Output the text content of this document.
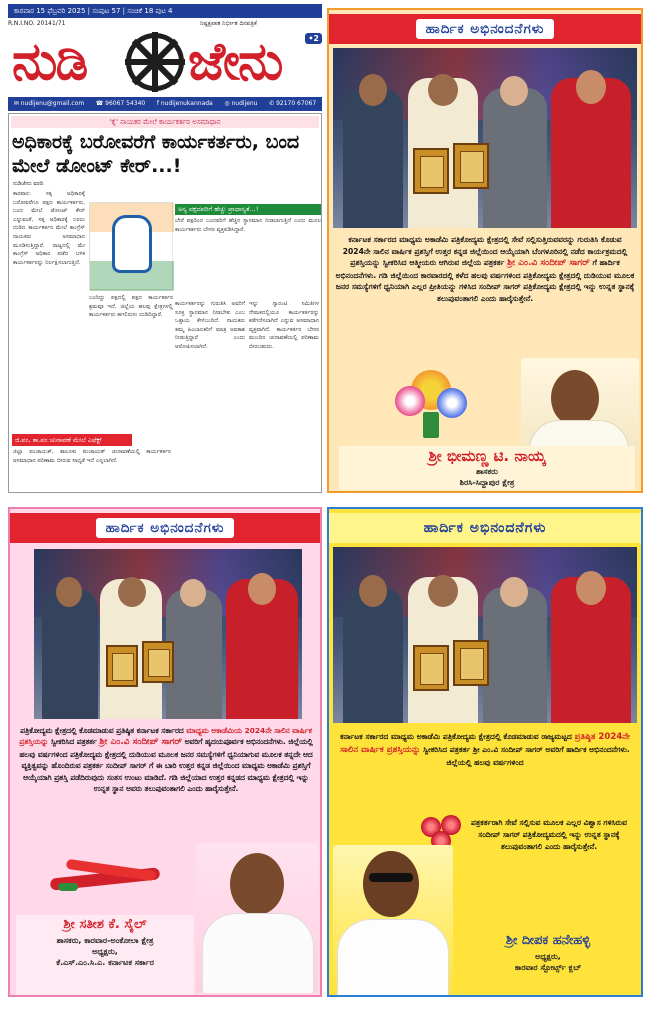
ಕಾರವಾರ 15 ಫೆಬ್ರವರಿ 2025 | ಸಂಪುಟ 57 | ಸಂಚಿಕೆ 18 ಪುಟ 4
R.N.I.NO. 20141/71	ನಿಷ್ಪಕ್ಷಪಾತ ನಿರ್ಭೀತ ದಿನಪತ್ರಿಕೆ
ನುಡಿ ಜೇನು	•2
✉ nudijenu@gmail.com ☎ 96067 54340 f nudijenukannada ◎ nudijenu ✆ 92170 67067
'ಕೈ' ನಾಯಕರ ಮೇಲೆ ಕಾರ್ಯಕರ್ತರ ಅಸಮಾಧಾನ
ಅಧಿಕಾರಕ್ಕೆ ಬರೋವರೆಗೆ ಕಾರ್ಯಕರ್ತರು, ಬಂದ ಮೇಲೆ ಡೋಂಟ್ ಕೇರ್...!
ನುಡಿಜೇನು ವರದಿ
ಕಾರವಾರ: ಸಕ್ಕ ಅಧಿಕಾರಕ್ಕೆ ಬರೋವರೆಗೂ ಪಕ್ಷದ ಕಾರ್ಯಕರ್ತರು, ಬಂದ ಮೇಲೆ ಡೋಂಟ್ ಕೇರ್ ಎನ್ನುವಂತೆ, ಸಕ್ಕ ಅಧಿಕಾರಕ್ಕೆ ಬರಲು ದುಡಿದ ಕಾರ್ಯಕರ್ತರ ಮೇಲೆ ಕಾಂಗ್ರೆಸ್ ನಾಯಕರು ಅಸಮಾಧಾನ ಮೂಡಿಸುತ್ತಿದ್ದಾರೆ. ರಾಜ್ಯದಲ್ಲಿ ಮೇ ಕಾಂಗ್ರೆಸ್ ಅಧಿಕಾರ ಪಡೆದ ಬಳಿಕ ಕಾರ್ಯಕರ್ತರನ್ನು ನಿರ್ಲಕ್ಷಿಸಲಾಗುತ್ತಿದೆ.
ಬಂದಿದ್ದು ಪಕ್ಷದಲ್ಲಿ ಪಕ್ಷದ ಕಾರ್ಯಕರ್ತರ ಶ್ರಮವೂ ಇದೆ. ಜಿಲ್ಲೆಯ ಹಲವು ಕ್ಷೇತ್ರಗಳಲ್ಲಿ ಕಾರ್ಯಕರ್ತರು ಹಗಲಿರುಳು ದುಡಿದಿದ್ದಾರೆ.
ಅನ್ಯ ಪಕ್ಷದವರಿಗೆ ಹೆಚ್ಚು ಪ್ರಾಧಾನ್ಯತೆ...!
ಬೇರೆ ಪಕ್ಷದಿಂದ ಬಂದವರಿಗೆ ಹೆಚ್ಚಿನ ಸ್ಥಾನಮಾನ ನೀಡಲಾಗುತ್ತಿದೆ ಎಂದು ಮೂಲ ಕಾರ್ಯಕರ್ತರು ಬೇಸರ ವ್ಯಕ್ತಪಡಿಸಿದ್ದಾರೆ.
ಕಾರ್ಯಕರ್ತರನ್ನು ಗುರುತಿಸಿ ಅವರಿಗೆ ಸೂಕ್ತ ಸ್ಥಾನಮಾನ ನೀಡಬೇಕು ಎಂಬ ಒತ್ತಾಯ ಕೇಳಿಬಂದಿದೆ. ನಾಯಕರು ತಮ್ಮ ಹಿಂಬಾಲಕರಿಗೆ ಮಾತ್ರ ಅವಕಾಶ ನೀಡುತ್ತಿದ್ದಾರೆ ಎಂದು ಆರೋಪಿಸಲಾಗಿದೆ.
ಇನ್ನು ಗ್ಯಾರಂಟಿ ಸಮಿತಿಗಳ ನೇಮಕದಲ್ಲಿಯೂ ಕಾರ್ಯಕರ್ತರನ್ನು ಕಡೆಗಣಿಸಲಾಗಿದೆ ಎನ್ನುವ ಅಸಮಾಧಾನ ವ್ಯಕ್ತವಾಗಿದೆ. ಕಾರ್ಯಕರ್ತರ ಬೇಸರ ಮುಂದಿನ ಚುನಾವಣೆಯಲ್ಲಿ ಪರಿಣಾಮ ಬೀರಬಹುದು.
ಜಿ.ಪಂ, ತಾ.ಪಂ ಚುನಾವಣೆ ಮೇಲೆ ಎಫೆಕ್ಟ್
ಜಿಲ್ಲಾ ಪಂಚಾಯತ್, ತಾಲೂಕು ಪಂಚಾಯತ್ ಚುನಾವಣೆಯಲ್ಲಿ ಕಾರ್ಯಕರ್ತರ ಅಸಮಾಧಾನ ಪರಿಣಾಮ ಬೀರುವ ಸಾಧ್ಯತೆ ಇದೆ ಎನ್ನಲಾಗಿದೆ.
ಹಾರ್ದಿಕ ಅಭಿನಂದನೆಗಳು
ಕರ್ನಾಟಕ ಸರ್ಕಾರದ ಮಾಧ್ಯಮ ಅಕಾಡೆಮಿ ಪತ್ರಿಕೋದ್ಯಮ ಕ್ಷೇತ್ರದಲ್ಲಿ ಸೇವೆ ಸಲ್ಲಿಸುತ್ತಿರುವವರನ್ನು ಗುರುತಿಸಿ ಕೊಡುವ 2024ನೇ ಸಾಲಿನ ವಾರ್ಷಿಕ ಪ್ರಶಸ್ತಿಗೆ ಉತ್ತರ ಕನ್ನಡ ಜಿಲ್ಲೆಯಿಂದ ಆಯ್ಕೆಯಾಗಿ ಬೆಂಗಳೂರಿನಲ್ಲಿ ನಡೆದ ಕಾರ್ಯಕ್ರಮದಲ್ಲಿ ಪ್ರಶಸ್ತಿಯನ್ನು ಸ್ವೀಕರಿಸಿದ ಆತ್ಮೀಯರು ಆಗಿರುವ ಜಿಲ್ಲೆಯ ಪತ್ರಕರ್ತ ಶ್ರೀ ಎಂ.ವಿ ಸಂದೀಪ್ ಸಾಗರ್ ಗೆ ಹಾರ್ದಿಕ ಅಭಿನಂದನೆಗಳು. ಗಡಿ ಜಿಲ್ಲೆಯಿಂದ ಕಾರವಾರದಲ್ಲಿ ಕಳೆದ ಹಲವು ವರ್ಷಗಳಿಂದ ಪತ್ರಿಕೋದ್ಯಮ ಕ್ಷೇತ್ರದಲ್ಲಿ ದುಡಿಯುವ ಮೂಲಕ ಜನರ ಸಮಸ್ಯೆಗಳಿಗೆ ಧ್ವನಿಯಾಗಿ ಎಲ್ಲರ ಪ್ರೀತಿಯನ್ನು ಗಳಿಸಿದ ಸಂದೀಪ್ ಸಾಗರ್ ಪತ್ರಿಕೋದ್ಯಮ ಕ್ಷೇತ್ರದಲ್ಲಿ ಇನ್ನು ಉನ್ನತ ಸ್ಥಾನಕ್ಕೆ ತಲುಪುವಂತಾಗಲಿ ಎಂದು ಹಾರೈಸುತ್ತೇನೆ.
ಶ್ರೀ ಭೀಮಣ್ಣ ಟಿ. ನಾಯ್ಕ
ಶಾಸಕರು
ಶಿರಸಿ-ಸಿದ್ದಾಪುರ ಕ್ಷೇತ್ರ
ಹಾರ್ದಿಕ ಅಭಿನಂದನೆಗಳು
ಪತ್ರಿಕೋದ್ಯಮ ಕ್ಷೇತ್ರದಲ್ಲಿ ಕೊಡಮಾಡುವ ಪ್ರತಿಷ್ಠಿತ ಕರ್ನಾಟಕ ಸರ್ಕಾರದ ಮಾಧ್ಯಮ ಅಕಾಡೆಮಿಯ 2024ನೇ ಸಾಲಿನ ವಾರ್ಷಿಕ ಪ್ರಶಸ್ತಿಯನ್ನು ಸ್ವೀಕರಿಸಿದ ಪತ್ರಕರ್ತ ಶ್ರೀ ಎಂ.ವಿ ಸಂದೀಪ್ ಸಾಗರ್ ಅವರಿಗೆ ಹೃದಯಪೂರ್ವಕ ಅಭಿನಂದನೆಗಳು. ಜಿಲ್ಲೆಯಲ್ಲಿ ಹಲವು ವರ್ಷಗಳಿಂದ ಪತ್ರಿಕೋದ್ಯಮ ಕ್ಷೇತ್ರದಲ್ಲಿ ದುಡಿಯುವ ಮೂಲಕ ಜನರ ಸಮಸ್ಯೆಗಳಿಗೆ ಧ್ವನಿಯಾಗುವ ಮೂಲಕ ತನ್ನದೇ ಆದ ವ್ಯಕ್ತಿತ್ವವನ್ನು ಹೊಂದಿರುವ ಪತ್ರಕರ್ತ ಸಂದೀಪ್ ಸಾಗರ್ ಗೆ ಈ ಬಾರಿ ಉತ್ತರ ಕನ್ನಡ ಜಿಲ್ಲೆಯಿಂದ ಮಾಧ್ಯಮ ಅಕಾಡೆಮಿ ಪ್ರಶಸ್ತಿಗೆ ಆಯ್ಕೆಯಾಗಿ ಪ್ರಶಸ್ತಿ ಪಡೆದಿರುವುದು ಸಂತಸ ಉಂಟು ಮಾಡಿದೆ. ಗಡಿ ಜಿಲ್ಲೆಯಾದ ಉತ್ತರ ಕನ್ನಡದ ಮಾಧ್ಯಮ ಕ್ಷೇತ್ರದಲ್ಲಿ ಇನ್ನು ಉನ್ನತ ಸ್ಥಾನ ಅವರು ತಲುಪುವಂತಾಗಲಿ ಎಂದು ಹಾರೈಸುತ್ತೇನೆ.
ಶ್ರೀ ಸತೀಶ ಕೆ. ಸೈಲ್
ಶಾಸಕರು, ಕಾರವಾರ-ಅಂಕೋಲಾ ಕ್ಷೇತ್ರ
ಅಧ್ಯಕ್ಷರು,
ಕೆ.ಎಸ್.ಎಂ.ಸಿ.ಎ. ಕರ್ನಾಟಕ ಸರ್ಕಾರ
ಹಾರ್ದಿಕ ಅಭಿನಂದನೆಗಳು
ಕರ್ನಾಟಕ ಸರ್ಕಾರದ ಮಾಧ್ಯಮ ಅಕಾಡೆಮಿ ಪತ್ರಿಕೋದ್ಯಮ ಕ್ಷೇತ್ರದಲ್ಲಿ ಕೊಡಮಾಡುವ ರಾಜ್ಯಮಟ್ಟದ ಪ್ರತಿಷ್ಠಿತ 2024ನೇ ಸಾಲಿನ ವಾರ್ಷಿಕ ಪ್ರಶಸ್ತಿಯನ್ನು ಸ್ವೀಕರಿಸಿದ ಪತ್ರಕರ್ತ ಶ್ರೀ ಎಂ.ವಿ ಸಂದೀಪ್ ಸಾಗರ್ ಅವರಿಗೆ ಹಾರ್ದಿಕ ಅಭಿನಂದನೆಗಳು. ಜಿಲ್ಲೆಯಲ್ಲಿ ಹಲವು ವರ್ಷಗಳಿಂದ
ಪತ್ರಕರ್ತರಾಗಿ ಸೇವೆ ಸಲ್ಲಿಸುವ ಮೂಲಕ ಎಲ್ಲರ ವಿಶ್ವಾಸ ಗಳಿಸಿರುವ ಸಂದೀಪ್ ಸಾಗರ್ ಪತ್ರಿಕೋದ್ಯಮದಲ್ಲಿ ಇನ್ನು ಉನ್ನತ ಸ್ಥಾನಕ್ಕೆ ತಲುಪುವಂತಾಗಲಿ ಎಂದು ಹಾರೈಸುತ್ತೇನೆ.
ಶ್ರೀ ದೀಪಕ ಹನೇಹಳ್ಳಿ
ಅಧ್ಯಕ್ಷರು,
ಕಾರವಾರ ಸ್ಪೋರ್ಟ್ಸ್ ಕ್ಲಬ್
